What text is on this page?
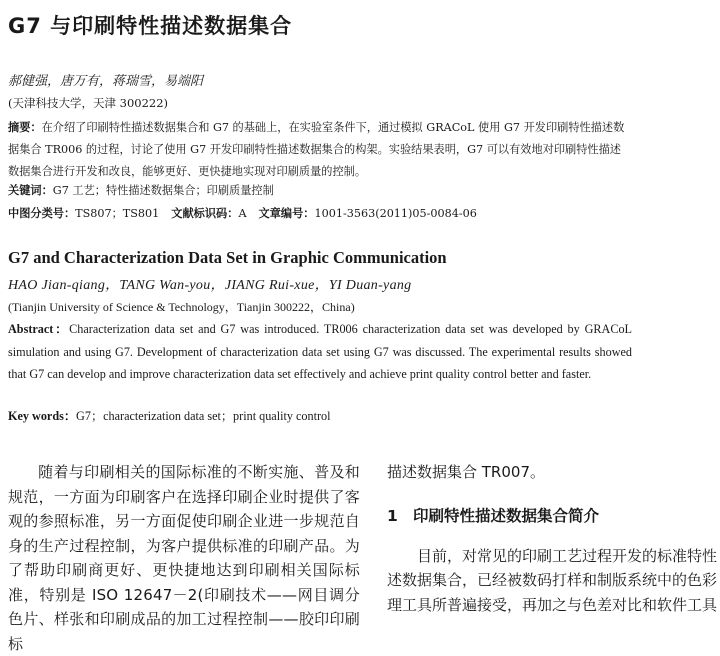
G7 与印刷特性描述数据集合
郝健强，唐万有，蒋瑞雪，易端阳
(天津科技大学，天津 300222)
摘要：在介绍了印刷特性描述数据集合和 G7 的基础上，在实验室条件下，通过模拟 GRACoL 使用 G7 开发印刷特性描述数据集合 TR006 的过程，讨论了使用 G7 开发印刷特性描述数据集合的构架。实验结果表明，G7 可以有效地对印刷特性描述数据集合进行开发和改良，能够更好、更快捷地实现对印刷质量的控制。
关键词：G7 工艺；特性描述数据集合；印刷质量控制
中图分类号：TS807；TS801 文献标识码：A 文章编号：1001-3563(2011)05-0084-06
G7 and Characterization Data Set in Graphic Communication
HAO Jian-qiang，TANG Wan-you，JIANG Rui-xue，YI Duan-yang
(Tianjin University of Science & Technology，Tianjin 300222，China)
Abstract：Characterization data set and G7 was introduced. TR006 characterization data set was developed by GRACoL simulation and using G7. Development of characterization data set using G7 was discussed. The experimental results showed that G7 can develop and improve characterization data set effectively and achieve print quality control better and faster.
Key words：G7；characterization data set；print quality control
随着与印刷相关的国际标准的不断实施、普及和规范，一方面为印刷客户在选择印刷企业时提供了客观的参照标准，另一方面促使印刷企业进一步规范自身的生产过程控制，为客户提供标准的印刷产品。为了帮助印刷商更好、更快捷地达到印刷相关国际标准，特别是 ISO 12647－2(印刷技术——网目调分色片、样张和印刷成品的加工过程控制——胶印印刷标
描述数据集合 TR007。
1 印刷特性描述数据集合简介
目前，对常见的印刷工艺过程开发的标准特性
述数据集合，已经被数码打样和制版系统中的色彩
理工具所普遍接受，再加之与色差对比和软件工具
